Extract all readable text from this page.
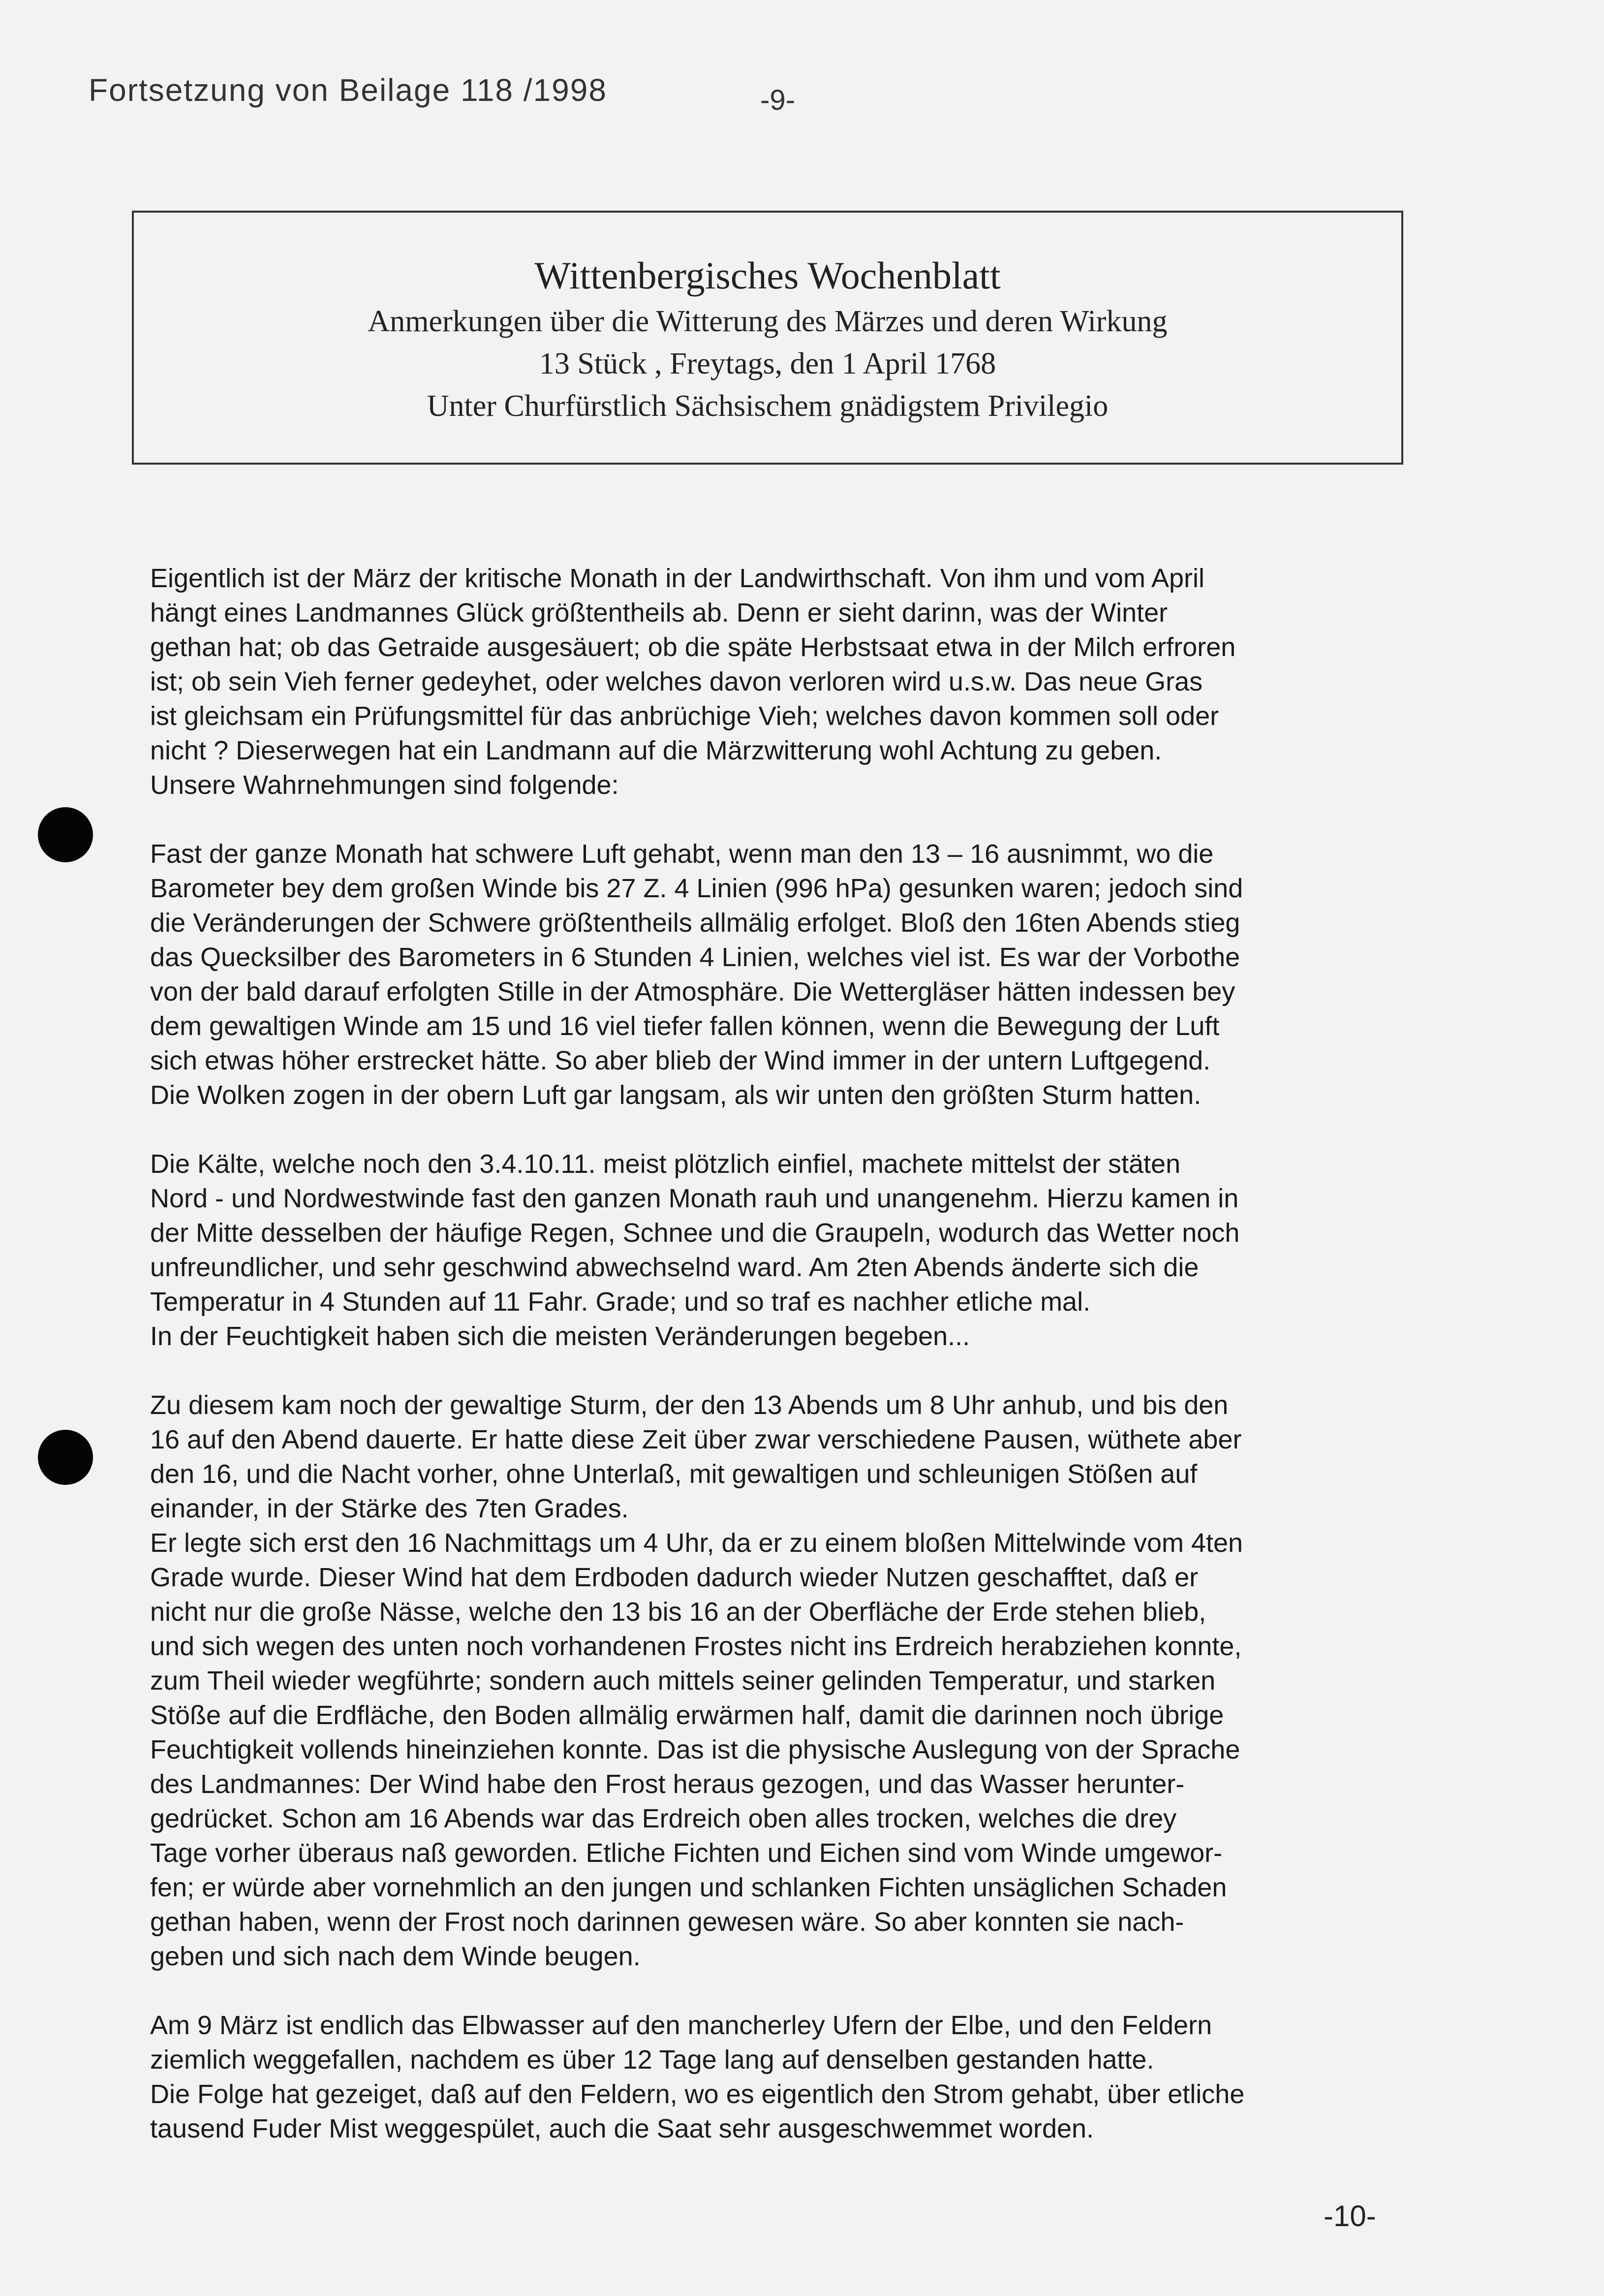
Fortsetzung von Beilage 118 /1998	-9-
Wittenbergisches Wochenblatt
Anmerkungen über die Witterung des Märzes und deren Wirkung
13 Stück , Freytags, den 1 April 1768
Unter Churfürstlich Sächsischem gnädigstem Privilegio
Eigentlich ist der März der kritische Monath in der Landwirthschaft. Von ihm und vom April
hängt eines Landmannes Glück größtentheils ab. Denn er sieht darinn, was der Winter
gethan hat; ob das Getraide ausgesäuert; ob die späte Herbstsaat etwa in der Milch erfroren
ist; ob sein Vieh ferner gedeyhet, oder welches davon verloren wird u.s.w. Das neue Gras
ist gleichsam ein Prüfungsmittel für das anbrüchige Vieh; welches davon kommen soll oder
nicht ? Dieserwegen hat ein Landmann auf die Märzwitterung wohl Achtung zu geben.
Unsere Wahrnehmungen sind folgende:
Fast der ganze Monath hat schwere Luft gehabt, wenn man den 13 – 16 ausnimmt, wo die
Barometer bey dem großen Winde bis 27 Z. 4 Linien (996 hPa) gesunken waren; jedoch sind
die Veränderungen der Schwere größtentheils allmälig erfolget. Bloß den 16ten Abends stieg
das Quecksilber des Barometers in 6 Stunden 4 Linien, welches viel ist. Es war der Vorbothe
von der bald darauf erfolgten Stille in der Atmosphäre. Die Wettergläser hätten indessen bey
dem gewaltigen Winde am 15 und 16 viel tiefer fallen können, wenn die Bewegung der Luft
sich etwas höher erstrecket hätte. So aber blieb der Wind immer in der untern Luftgegend.
Die Wolken zogen in der obern Luft gar langsam, als wir unten den größten Sturm hatten.
Die Kälte, welche noch den 3.4.10.11. meist plötzlich einfiel, machete mittelst der stäten
Nord - und Nordwestwinde fast den ganzen Monath rauh und unangenehm. Hierzu kamen in
der Mitte desselben der häufige Regen, Schnee und die Graupeln, wodurch das Wetter noch
unfreundlicher, und sehr geschwind abwechselnd ward. Am 2ten Abends änderte sich die
Temperatur in 4 Stunden auf 11 Fahr. Grade; und so traf es nachher etliche mal.
In der Feuchtigkeit haben sich die meisten Veränderungen begeben...
Zu diesem kam noch der gewaltige Sturm, der den 13 Abends um 8 Uhr anhub, und bis den
16 auf den Abend dauerte. Er hatte diese Zeit über zwar verschiedene Pausen, wüthete aber
den 16, und die Nacht vorher, ohne Unterlaß, mit gewaltigen und schleunigen Stößen auf
einander, in der Stärke des 7ten Grades.
Er legte sich erst den 16 Nachmittags um 4 Uhr, da er zu einem bloßen Mittelwinde vom 4ten
Grade wurde. Dieser Wind hat dem Erdboden dadurch wieder Nutzen geschafftet, daß er
nicht nur die große Nässe, welche den 13 bis 16 an der Oberfläche der Erde stehen blieb,
und sich wegen des unten noch vorhandenen Frostes nicht ins Erdreich herabziehen konnte,
zum Theil wieder wegführte; sondern auch mittels seiner gelinden Temperatur, und starken
Stöße auf die Erdfläche, den Boden allmälig erwärmen half, damit die darinnen noch übrige
Feuchtigkeit vollends hineinziehen konnte. Das ist die physische Auslegung von der Sprache
des Landmannes: Der Wind habe den Frost heraus gezogen, und das Wasser herunter-
gedrücket. Schon am 16 Abends war das Erdreich oben alles trocken, welches die drey
Tage vorher überaus naß geworden. Etliche Fichten und Eichen sind vom Winde umgewor-
fen; er würde aber vornehmlich an den jungen und schlanken Fichten unsäglichen Schaden
gethan haben, wenn der Frost noch darinnen gewesen wäre. So aber konnten sie nach-
geben und sich nach dem Winde beugen.
Am 9 März ist endlich das Elbwasser auf den mancherley Ufern der Elbe, und den Feldern
ziemlich weggefallen, nachdem es über 12 Tage lang auf denselben gestanden hatte.
Die Folge hat gezeiget, daß auf den Feldern, wo es eigentlich den Strom gehabt, über etliche
tausend Fuder Mist weggespület, auch die Saat sehr ausgeschwemmet worden.
-10-
